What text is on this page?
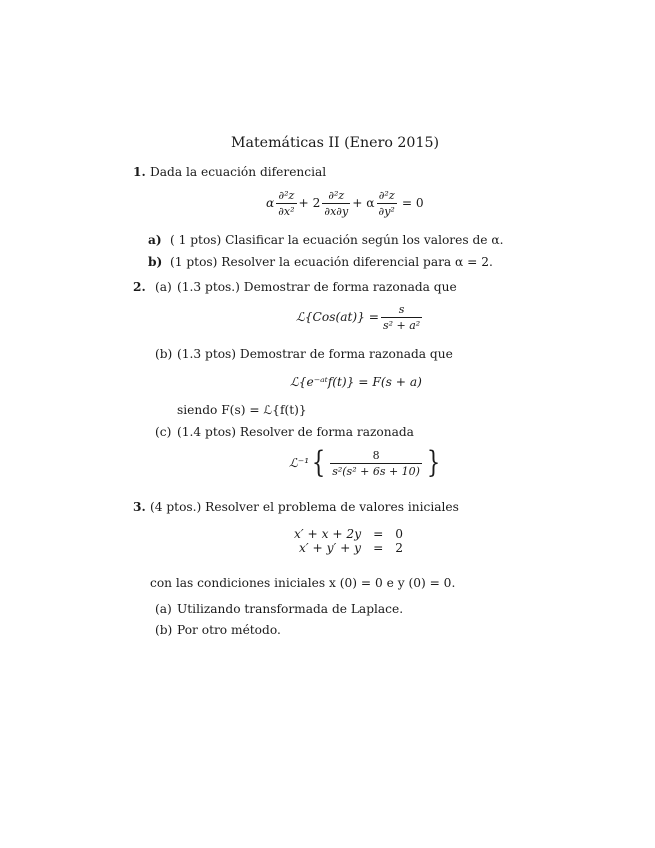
Matemáticas II (Enero 2015)
1. Dada la ecuación diferencial
α $\frac{\text{∂²z}}{\text{∂x²}} + 2 \frac{\text{∂²z}}{\partial x\partial y} + \alpha \frac{\text{∂²z}}{\text{∂y²}} = 0$
a) ( 1 ptos) Clasificar la ecuación según los valores de α.
b) (1 ptos) Resolver la ecuación diferencial para α = 2.
2. (a) (1.3 ptos.) Demostrar de forma razonada que
ℒ{Cos(at)} = $\frac{s}{\text{s² + a²}}$
(b) (1.3 ptos) Demostrar de forma razonada que
ℒ{e⁻ᵃᵗf(t)} = F(s + a)
siendo F(s) = ℒ{f(t)}
(c) (1.4 ptos) Resolver de forma razonada
ℒ⁻¹ { $\frac{8}{\text{s²(s² + 6s + 10)}}$ }
3. (4 ptos.) Resolver el problema de valores iniciales
x′ + x + 2y	=	0
x′ + y′ + y	=	2
con las condiciones iniciales x (0) = 0 e y (0) = 0.
(a) Utilizando transformada de Laplace.
(b) Por otro método.
